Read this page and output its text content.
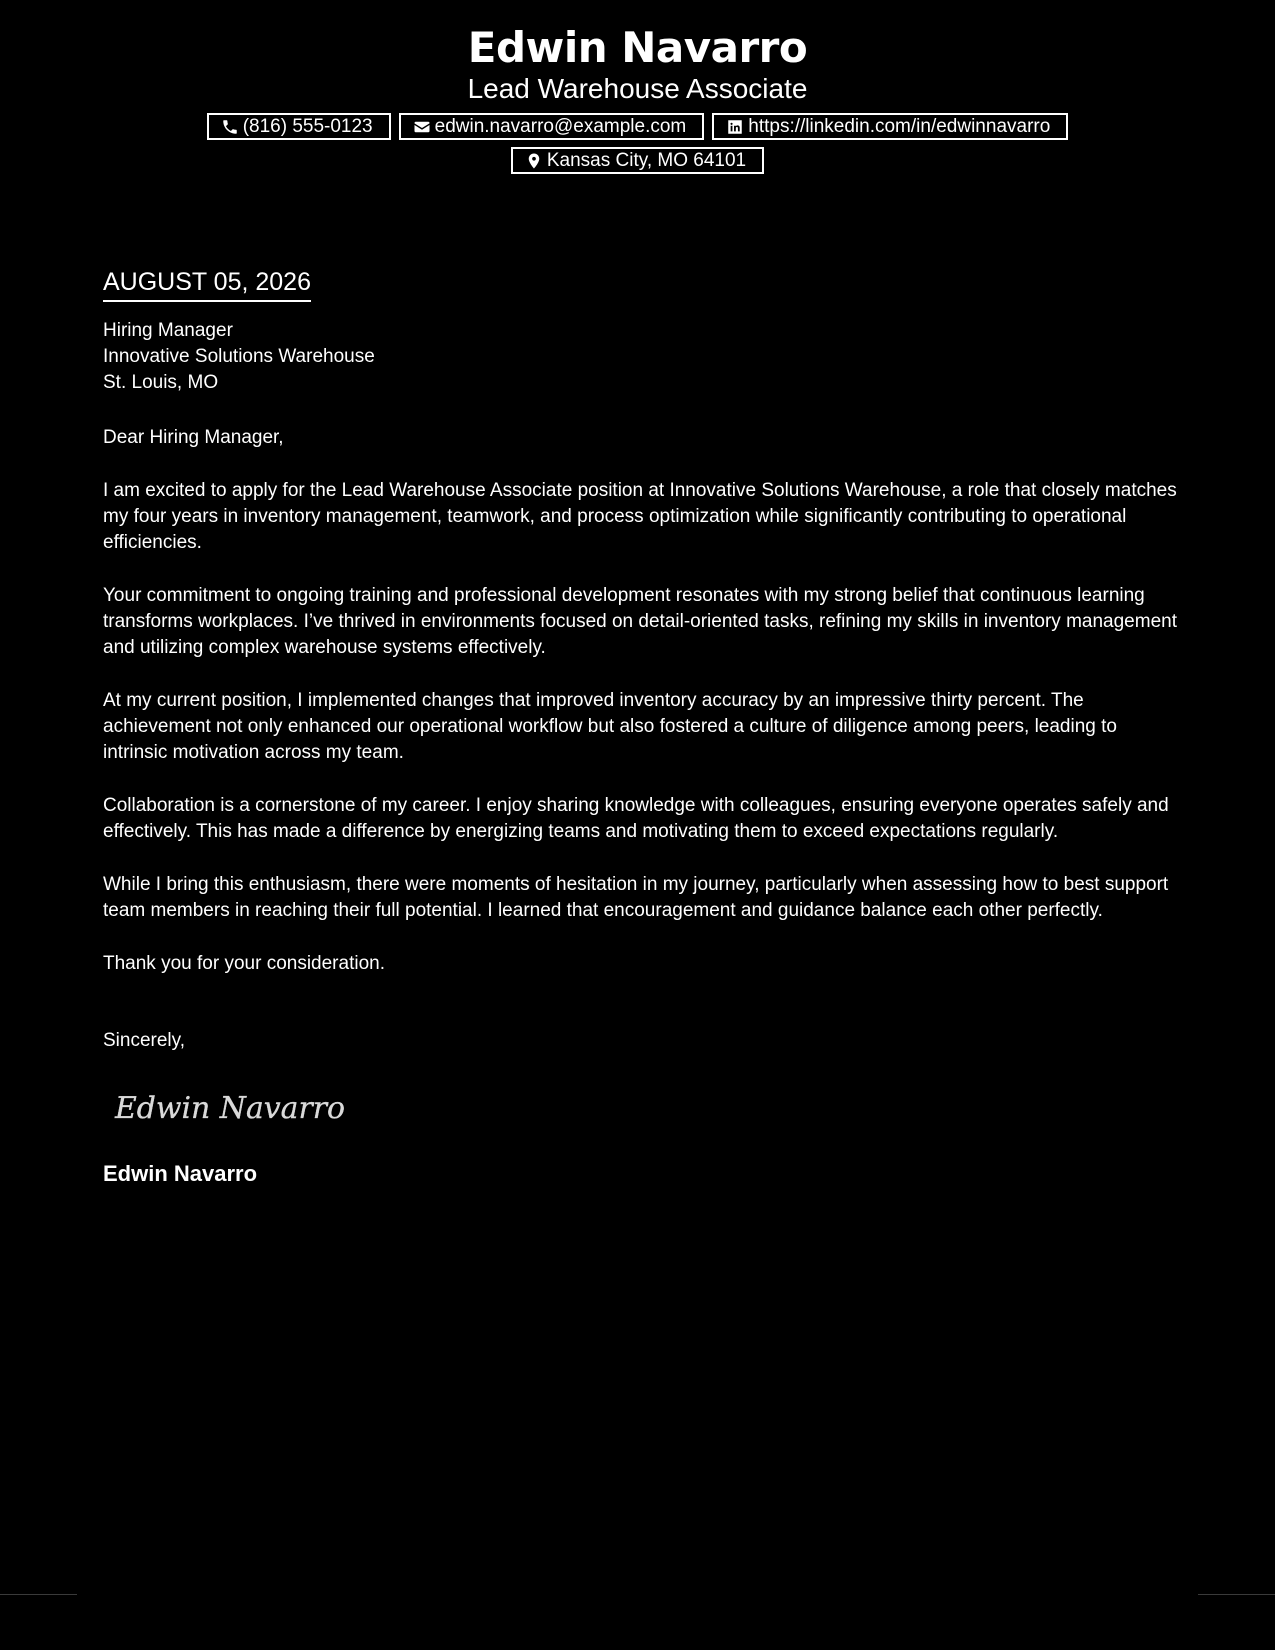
Edwin Navarro
Lead Warehouse Associate
(816) 555-0123	edwin.navarro@example.com	https://linkedin.com/in/edwinnavarro
Kansas City, MO 64101
AUGUST 05, 2026
Hiring Manager
Innovative Solutions Warehouse
St. Louis, MO
Dear Hiring Manager,
I am excited to apply for the Lead Warehouse Associate position at Innovative Solutions Warehouse, a role that closely matches my four years in inventory management, teamwork, and process optimization while significantly contributing to operational efficiencies.
Your commitment to ongoing training and professional development resonates with my strong belief that continuous learning transforms workplaces. I’ve thrived in environments focused on detail-oriented tasks, refining my skills in inventory management and utilizing complex warehouse systems effectively.
At my current position, I implemented changes that improved inventory accuracy by an impressive thirty percent. The achievement not only enhanced our operational workflow but also fostered a culture of diligence among peers, leading to intrinsic motivation across my team.
Collaboration is a cornerstone of my career. I enjoy sharing knowledge with colleagues, ensuring everyone operates safely and effectively. This has made a difference by energizing teams and motivating them to exceed expectations regularly.
While I bring this enthusiasm, there were moments of hesitation in my journey, particularly when assessing how to best support team members in reaching their full potential. I learned that encouragement and guidance balance each other perfectly.
Thank you for your consideration.
Sincerely,
Edwin Navarro
Edwin Navarro
